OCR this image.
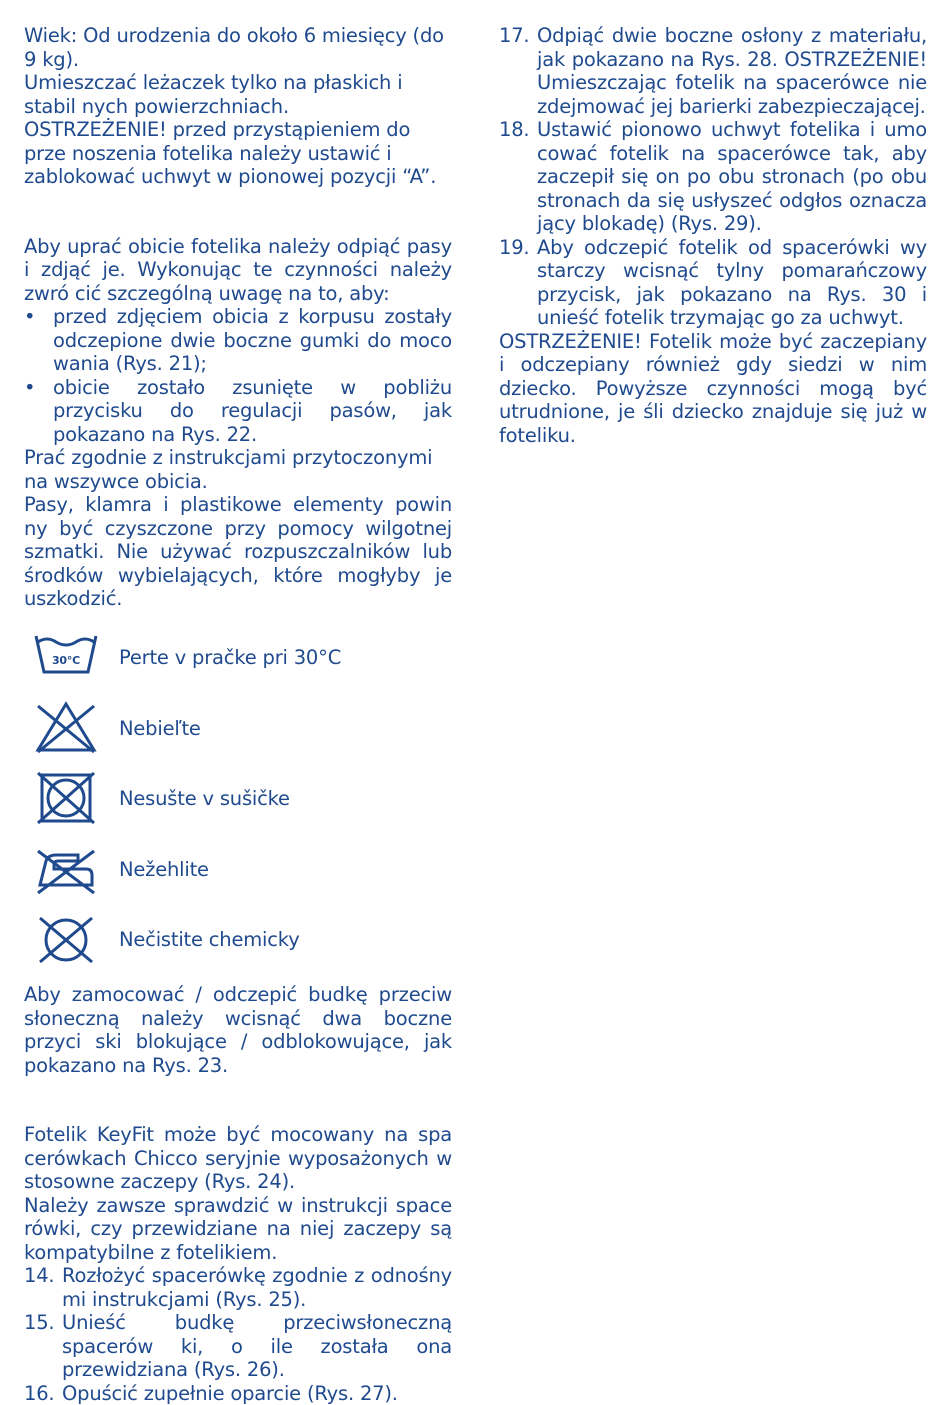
Wiek: Od urodzenia do około 6 miesięcy (do 9 kg).

Umieszczać leżaczek tylko na płaskich i stabil nych powierzchniach.

OSTRZEŻENIE! przed przystąpieniem do prze noszenia fotelika należy ustawić i zablokować uchwyt w pionowej pozycji “A”.

Aby uprać obicie fotelika należy odpiąć pasy i zdjąć je. Wykonując te czynności należy zwró cić szczególną uwagę na to, aby:

• przed zdjęciem obicia z korpusu zostały odczepione dwie boczne gumki do moco wania (Rys. 21);
• obicie zostało zsunięte w pobliżu przycisku do regulacji pasów, jak pokazano na Rys. 22.

Prać zgodnie z instrukcjami przytoczonymi na wszywce obicia.

Pasy, klamra i plastikowe elementy powin ny być czyszczone przy pomocy wilgotnej szmatki. Nie używać rozpuszczalników lub środków wybielających, które mogłyby je uszkodzić.

30°C Perte v pračke pri 30°C
Nebieľte
Nesušte v sušičke
Nežehlite
Nečistite chemicky

Aby zamocować / odczepić budkę przeciw słoneczną należy wcisnąć dwa boczne przyci ski blokujące / odblokowujące, jak pokazano na Rys. 23.

Fotelik KeyFit może być mocowany na spa cerówkach Chicco seryjnie wyposażonych w stosowne zaczepy (Rys. 24).

Należy zawsze sprawdzić w instrukcji space rówki, czy przewidziane na niej zaczepy są kompatybilne z fotelikiem.

14. Rozłożyć spacerówkę zgodnie z odnośny mi instrukcjami (Rys. 25).
15. Unieść budkę przeciwsłoneczną spacerów ki, o ile została ona przewidziana (Rys. 26).
16. Opuścić zupełnie oparcie (Rys. 27).
17. Odpiąć dwie boczne osłony z materiału, jak pokazano na Rys. 28. OSTRZEŻENIE! Umieszczając fotelik na spacerówce nie zdejmować jej barierki zabezpieczającej.
18. Ustawić pionowo uchwyt fotelika i umo cować fotelik na spacerówce tak, aby zaczepił się on po obu stronach (po obu stronach da się usłyszeć odgłos oznacza jący blokadę) (Rys. 29).
19. Aby odczepić fotelik od spacerówki wy starczy wcisnąć tylny pomarańczowy przycisk, jak pokazano na Rys. 30 i unieść fotelik trzymając go za uchwyt.

OSTRZEŻENIE! Fotelik może być zaczepiany i odczepiany również gdy siedzi w nim dziecko. Powyższe czynności mogą być utrudnione, je śli dziecko znajduje się już w foteliku.
